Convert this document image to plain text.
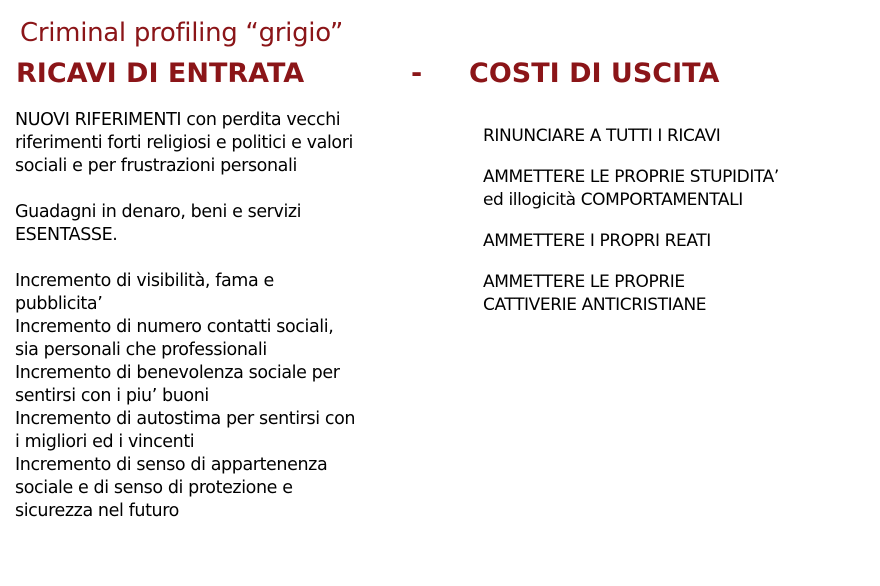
Criminal profiling “grigio”
RICAVI DI ENTRATA	- COSTI DI USCITA

NUOVI RIFERIMENTI con perdita vecchi
riferimenti forti religiosi e politici e valori
sociali e per frustrazioni personali

Guadagni in denaro, beni e servizi
ESENTASSE.

Incremento di visibilità, fama e
pubblicita’
Incremento di numero contatti sociali,
sia personali che professionali
Incremento di benevolenza sociale per
sentirsi con i piu’ buoni
Incremento di autostima per sentirsi con
i migliori ed i vincenti
Incremento di senso di appartenenza
sociale e di senso di protezione e
sicurezza nel futuro

RINUNCIARE A TUTTI I RICAVI

AMMETTERE LE PROPRIE STUPIDITA’
ed illogicità COMPORTAMENTALI

AMMETTERE I PROPRI REATI

AMMETTERE LE PROPRIE
CATTIVERIE ANTICRISTIANE
